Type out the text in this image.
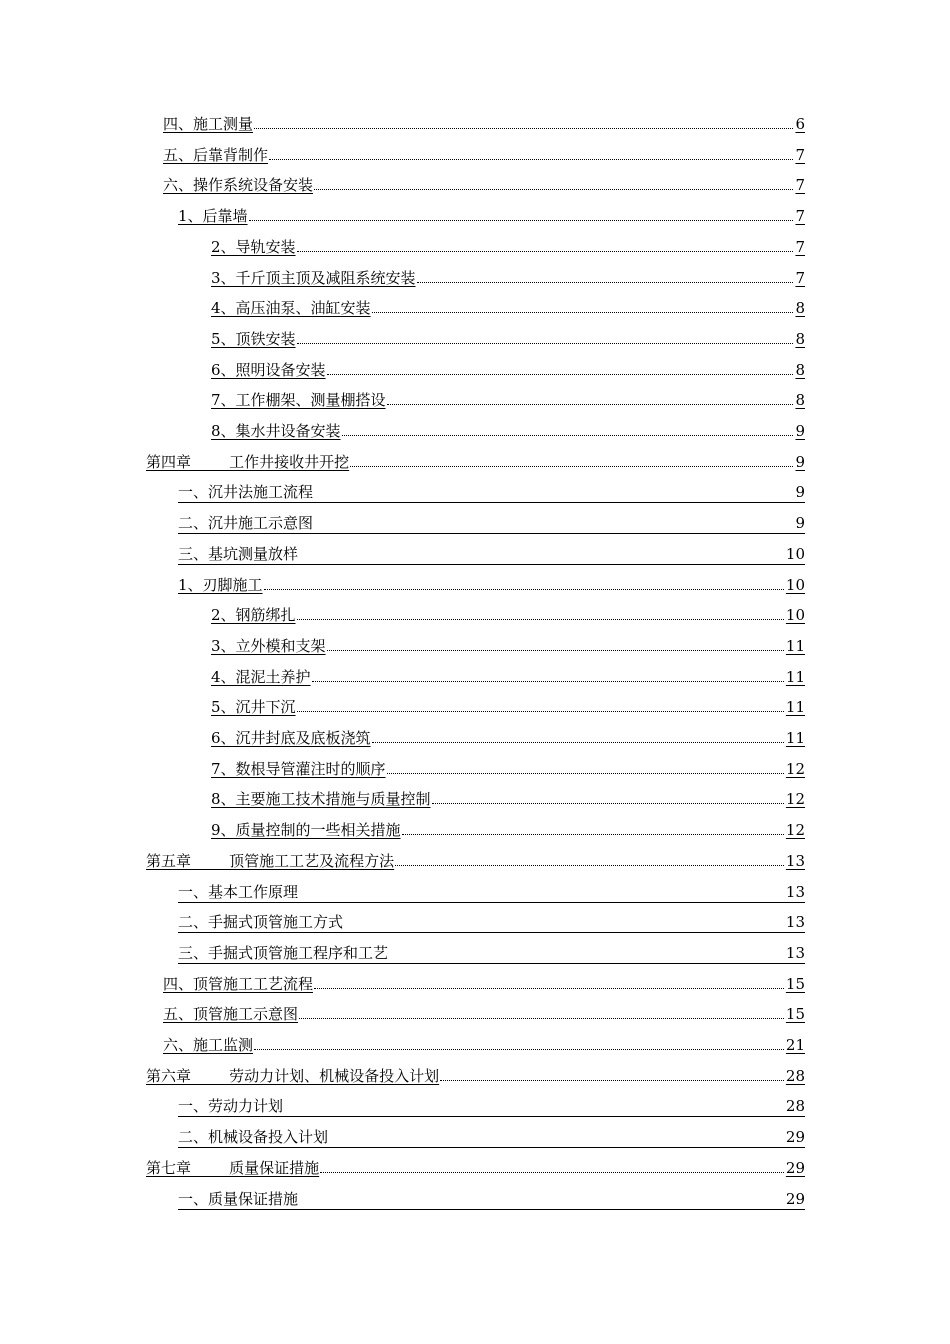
四、施工测量	6
五、后靠背制作	7
六、操作系统设备安装	7
1、后靠墙	7
2、导轨安装	7
3、千斤顶主顶及减阻系统安装	7
4、高压油泵、油缸安装	8
5、顶铁安装	8
6、照明设备安装	8
7、工作棚架、测量棚搭设	8
8、集水井设备安装	9
第四章        工作井接收井开挖	9
一、沉井法施工流程	9
二、沉井施工示意图	9
三、基坑测量放样	10
1、刃脚施工	10
2、钢筋绑扎	10
3、立外模和支架	11
4、混泥土养护	11
5、沉井下沉	11
6、沉井封底及底板浇筑	11
7、数根导管灌注时的顺序	12
8、主要施工技术措施与质量控制	12
9、质量控制的一些相关措施	12
第五章        顶管施工工艺及流程方法	13
一、基本工作原理	13
二、手掘式顶管施工方式	13
三、手掘式顶管施工程序和工艺	13
四、顶管施工工艺流程	15
五、顶管施工示意图	15
六、施工监测	21
第六章        劳动力计划、机械设备投入计划	28
一、劳动力计划	28
二、机械设备投入计划	29
第七章        质量保证措施	29
一、质量保证措施	29
